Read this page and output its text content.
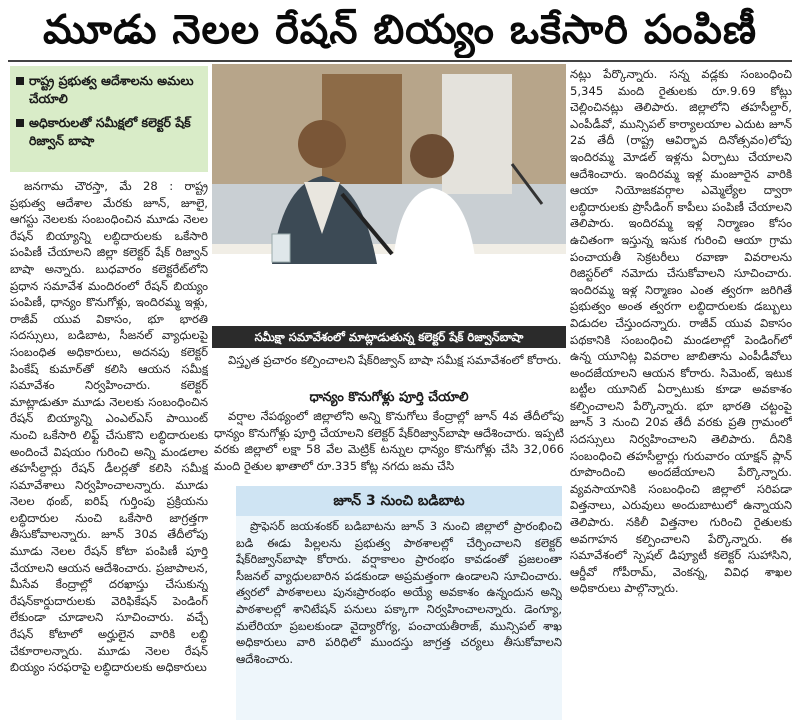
మూడు నెలల రేషన్ బియ్యం ఒకేసారి పంపిణీ
రాష్ట్ర ప్రభుత్వ ఆదేశాలను అమలు చేయాలి
అధికారులతో సమీక్షలో కలెక్టర్ షేక్ రిజ్వాన్ బాషా

జనగామ చౌరస్తా, మే 28 : రాష్ట్ర ప్రభుత్వ ఆదేశాల మేరకు జూన్, జూలై, ఆగస్టు నెలలకు సంబంధించిన మూడు నెలల రేషన్ బియ్యాన్ని లబ్ధిదారులకు ఒకేసారి పంపిణీ చేయాలని జిల్లా కలెక్టర్ షేక్ రిజ్వాన్ బాషా అన్నారు. బుధవారం కలెక్టరేట్‌లోని ప్రధాన సమావేశ మందిరంలో రేషన్ బియ్యం పంపిణీ, ధాన్యం కొనుగోళ్లు, ఇందిరమ్మ ఇళ్లు, రాజీవ్ యువ వికాసం, భూ భారతి సదస్సులు, బడిబాట, సీజనల్ వ్యాధులపై సంబంధిత అధికారులు, అదనపు కలెక్టర్ పింకేష్ కుమార్‌తో కలిసి ఆయన సమీక్ష సమావేశం నిర్వహించారు. కలెక్టర్ మాట్లాడుతూ మూడు నెలలకు సంబంధించిన రేషన్ బియ్యాన్ని ఎంఎల్ఎస్ పాయింట్ నుంచి ఒకేసారి లిఫ్ట్ చేసుకొని లబ్ధిదారులకు అందించే విషయం గురించి అన్ని మండలాల తహసీల్దార్లు రేషన్ డీలర్లతో కలిసి సమీక్ష సమావేశాలు నిర్వహించాలన్నారు. మూడు నెలల థంబ్, ఐరిష్ గుర్తింపు ప్రక్రియను లబ్ధిదారుల నుంచి ఒకేసారి జాగ్రత్తగా తీసుకోవాలన్నారు. జూన్ 30వ తేదీలోపు మూడు నెలల రేషన్ కోటా పంపిణీ పూర్తి చేయాలని ఆయన ఆదేశించారు. ప్రజాపాలన, మీసేవ కేంద్రాల్లో దరఖాస్తు చేసుకున్న రేషన్‌కార్డుదారులకు వెరిఫికేషన్ పెండింగ్ లేకుండా చూడాలని సూచించారు. వచ్చే రేషన్ కోటాలో అర్హులైన వారికి లబ్ధి చేకూరాలన్నారు. మూడు నెలల రేషన్ బియ్యం సరఫరాపై లబ్ధిదారులకు అధికారులు

సమీక్షా సమావేశంలో మాట్లాడుతున్న కలెక్టర్ షేక్ రిజ్వాన్‌బాషా

విస్తృత ప్రచారం కల్పించాలని షేక్‌రిజ్వాన్ బాషా సమీక్ష సమావేశంలో కోరారు.

ధాన్యం కొనుగోళ్లు పూర్తి చేయాలి

వర్షాల నేపథ్యంలో జిల్లాలోని అన్ని కొనుగోలు కేంద్రాల్లో జూన్ 4వ తేదీలోపు ధాన్యం కొనుగోళ్లు పూర్తి చేయాలని కలెక్టర్ షేక్‌రిజ్వాన్‌బాషా ఆదేశించారు. ఇప్పటి వరకు జిల్లాలో లక్షా 58 వేల మెట్రిక్ టన్నుల ధాన్యం కొనుగోళ్లు చేసి 32,066 మంది రైతుల ఖాతాలో రూ.335 కోట్ల నగదు జమ చేసి

జూన్ 3 నుంచి బడిబాట

ప్రొఫెసర్ జయశంకర్ బడిబాటను జూన్ 3 నుంచి జిల్లాలో ప్రారంభించి బడి ఈడు పిల్లలను ప్రభుత్వ పాఠశాలల్లో చేర్పించాలని కలెక్టర్ షేక్‌రిజ్వాన్‌బాషా కోరారు. వర్షాకాలం ప్రారంభం కావడంతో ప్రజలంతా సీజనల్ వ్యాధులబారిన పడకుండా అప్రమత్తంగా ఉండాలని సూచించారు. త్వరలో పాఠశాలలు పునఃప్రారంభం అయ్యే అవకాశం ఉన్నందున అన్ని పాఠశాలల్లో శానిటేషన్ పనులు పక్కాగా నిర్వహించాలన్నారు. డెంగ్యూ, మలేరియా ప్రబలకుండా వైద్యారోగ్య, పంచాయతీరాజ్, మున్సిపల్ శాఖ అధికారులు వారి పరిధిలో ముందస్తు జాగ్రత్త చర్యలు తీసుకోవాలని ఆదేశించారు.

నట్లు పేర్కొన్నారు. సన్న వడ్లకు సంబంధించి 5,345 మంది రైతులకు రూ.9.69 కోట్లు చెల్లించినట్లు తెలిపారు. జిల్లాలోని తహసీల్దార్, ఎంపీడీవో, మున్సిపల్ కార్యాలయాల ఎదుట జూన్ 2వ తేదీ (రాష్ట్ర ఆవిర్భావ దినోత్సవం)లోపు ఇందిరమ్మ మోడల్ ఇళ్లను ఏర్పాటు చేయాలని ఆదేశించారు. ఇందిరమ్మ ఇళ్ల మంజూరైన వారికి ఆయా నియోజకవర్గాల ఎమ్మెల్యేల ద్వారా లబ్ధిదారులకు ప్రొసీడింగ్ కాపీలు పంపిణీ చేయాలని తెలిపారు. ఇందిరమ్మ ఇళ్ల నిర్మాణం కోసం ఉచితంగా ఇస్తున్న ఇసుక గురించి ఆయా గ్రామ పంచాయతీ సెక్రటరీలు రవాణా వివరాలను రిజిస్టర్‌లో నమోదు చేసుకోవాలని సూచించారు. ఇందిరమ్మ ఇళ్ల నిర్మాణం ఎంత త్వరగా జరిగితే ప్రభుత్వం అంత త్వరగా లబ్ధిదారులకు డబ్బులు విడుదల చేస్తుందన్నారు. రాజీవ్ యువ వికాసం పథకానికి సంబంధించి మండలాల్లో పెండింగ్‌లో ఉన్న యూనిట్ల వివరాల జాబితాను ఎంపీడీవోలు అందజేయాలని ఆయన కోరారు. సిమెంట్, ఇటుక బట్టీల యూనిట్ ఏర్పాటుకు కూడా అవకాశం కల్పించాలని పేర్కొన్నారు. భూ భారతి చట్టంపై జూన్ 3 నుంచి 20వ తేదీ వరకు ప్రతి గ్రామంలో సదస్సులు నిర్వహించాలని తెలిపారు. దీనికి సంబంధించి తహసీల్దార్లు గురువారం యాక్షన్ ప్లాన్ రూపొందించి అందజేయాలని పేర్కొన్నారు. వ్యవసాయానికి సంబంధించి జిల్లాలో సరిపడా విత్తనాలు, ఎరువులు అందుబాటులో ఉన్నాయని తెలిపారు. నకిలీ విత్తనాల గురించి రైతులకు అవగాహన కల్పించాలని పేర్కొన్నారు. ఈ సమావేశంలో స్పెషల్ డిప్యూటీ కలెక్టర్ సుహాసిని, ఆర్డీవో గోపీరామ్, వెంకన్న, వివిధ శాఖల అధికారులు పాల్గొన్నారు.
